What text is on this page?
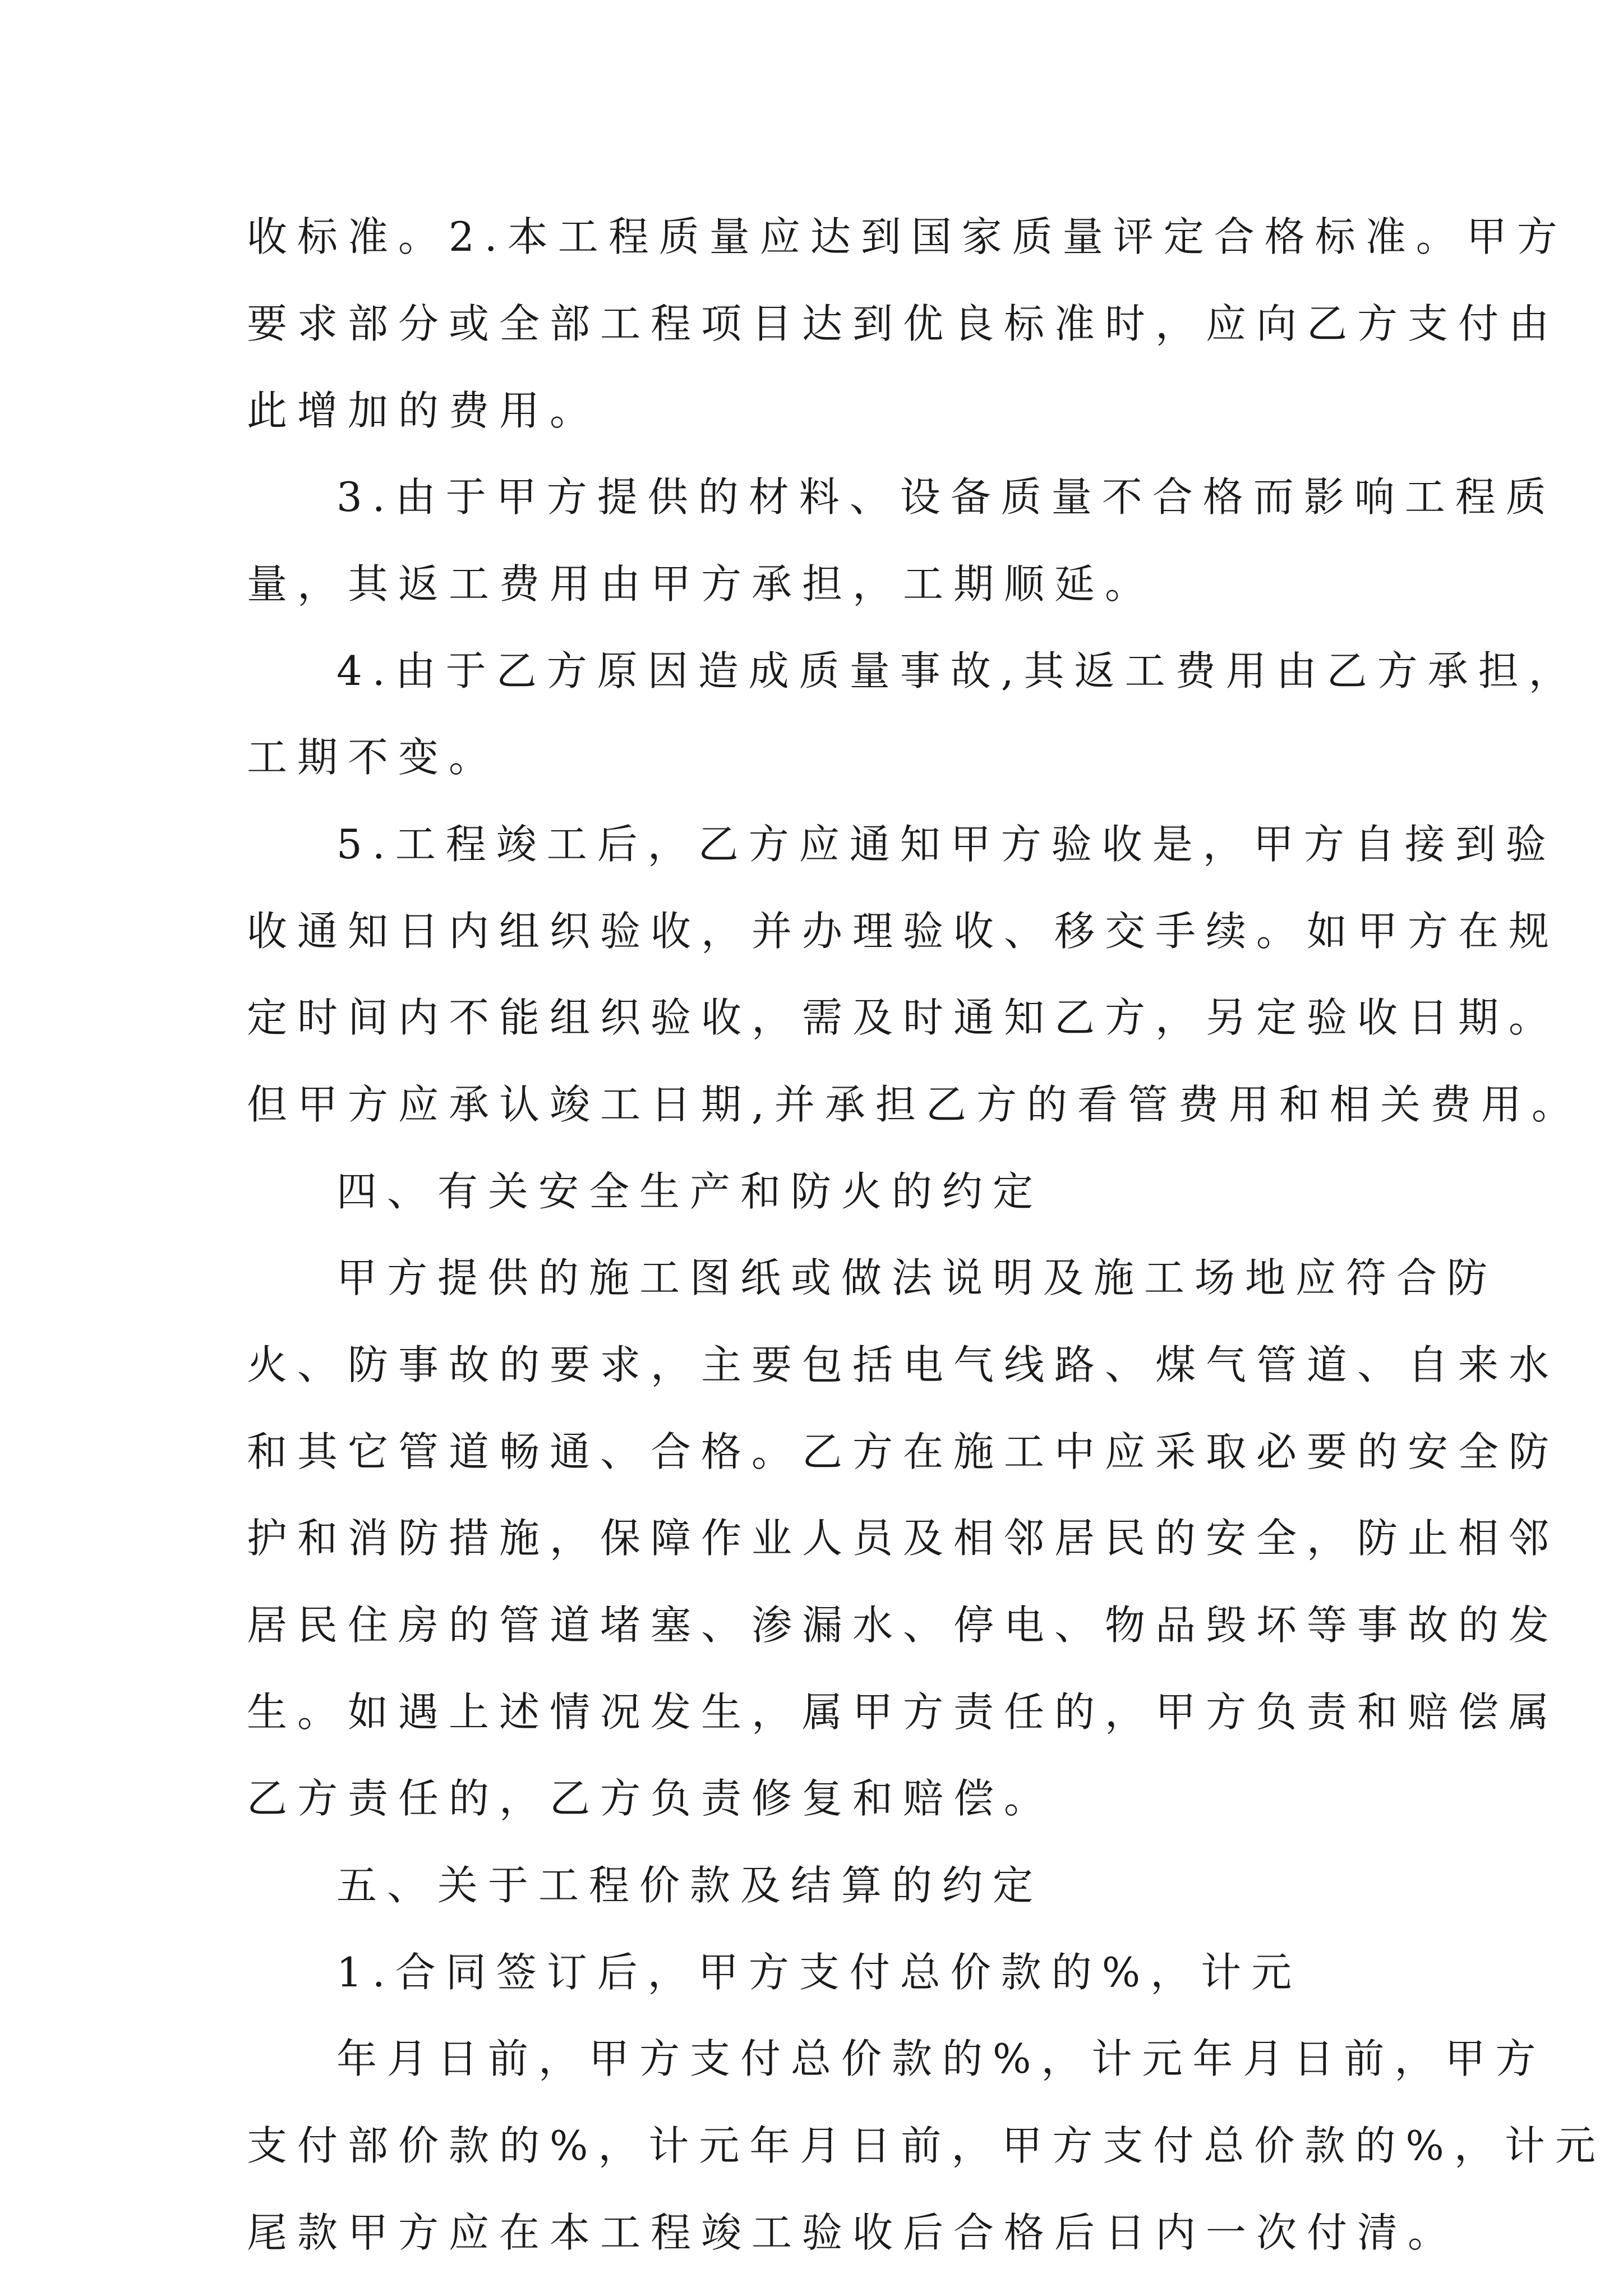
收标准。2.本工程质量应达到国家质量评定合格标准。甲方
要求部分或全部工程项目达到优良标准时，应向乙方支付由
此增加的费用。
3.由于甲方提供的材料、设备质量不合格而影响工程质
量，其返工费用由甲方承担，工期顺延。
4.由于乙方原因造成质量事故,其返工费用由乙方承担，
工期不变。
5.工程竣工后，乙方应通知甲方验收是，甲方自接到验
收通知日内组织验收，并办理验收、移交手续。如甲方在规
定时间内不能组织验收，需及时通知乙方，另定验收日期。
但甲方应承认竣工日期,并承担乙方的看管费用和相关费用。
四、有关安全生产和防火的约定
甲方提供的施工图纸或做法说明及施工场地应符合防
火、防事故的要求，主要包括电气线路、煤气管道、自来水
和其它管道畅通、合格。乙方在施工中应采取必要的安全防
护和消防措施，保障作业人员及相邻居民的安全，防止相邻
居民住房的管道堵塞、渗漏水、停电、物品毁坏等事故的发
生。如遇上述情况发生，属甲方责任的，甲方负责和赔偿属
乙方责任的，乙方负责修复和赔偿。
五、关于工程价款及结算的约定
1.合同签订后，甲方支付总价款的%，计元
年月日前，甲方支付总价款的%，计元年月日前，甲方
支付部价款的%，计元年月日前，甲方支付总价款的%，计元
尾款甲方应在本工程竣工验收后合格后日内一次付清。
